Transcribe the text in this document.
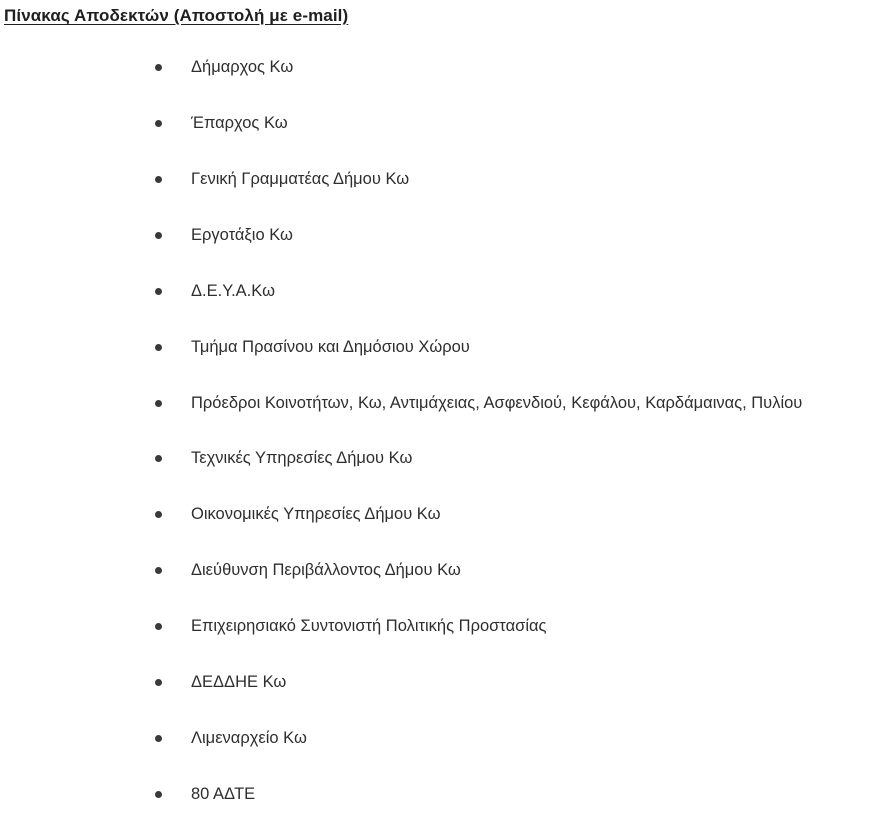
Πίνακας Αποδεκτών (Αποστολή με e-mail)
Δήμαρχος Κω
Έπαρχος Κω
Γενική Γραμματέας Δήμου Κω
Εργοτάξιο Κω
Δ.Ε.Υ.Α.Κω
Τμήμα Πρασίνου και Δημόσιου Χώρου
Πρόεδροι Κοινοτήτων, Κω, Αντιμάχειας, Ασφενδιού, Κεφάλου, Καρδάμαινας, Πυλίου
Τεχνικές Υπηρεσίες Δήμου Κω
Οικονομικές Υπηρεσίες Δήμου Κω
Διεύθυνση Περιβάλλοντος Δήμου Κω
Επιχειρησιακό Συντονιστή Πολιτικής Προστασίας
ΔΕΔΔΗΕ Κω
Λιμεναρχείο Κω
80 ΑΔΤΕ
